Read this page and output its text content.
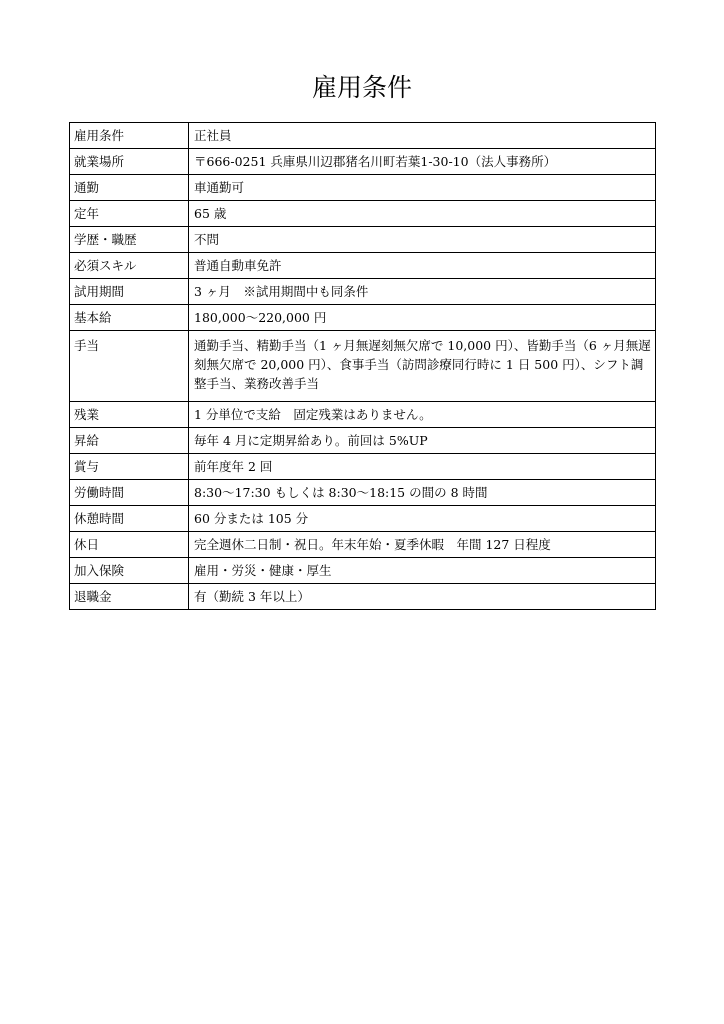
雇用条件
雇用条件	正社員
就業場所	〒666-0251 兵庫県川辺郡猪名川町若葉1-30-10（法人事務所）
通勤	車通勤可
定年	65 歳
学歴・職歴	不問
必須スキル	普通自動車免許
試用期間	3 ヶ月　※試用期間中も同条件
基本給	180,000～220,000 円
手当	通勤手当、精勤手当（1 ヶ月無遅刻無欠席で 10,000 円）、皆勤手当（6 ヶ月無遅刻無欠席で 20,000 円）、食事手当（訪問診療同行時に 1 日 500 円）、シフト調整手当、業務改善手当
残業	1 分単位で支給　固定残業はありません。
昇給	毎年 4 月に定期昇給あり。前回は 5%UP
賞与	前年度年 2 回
労働時間	8:30～17:30 もしくは 8:30～18:15 の間の 8 時間
休憩時間	60 分または 105 分
休日	完全週休二日制・祝日。年末年始・夏季休暇　年間 127 日程度
加入保険	雇用・労災・健康・厚生
退職金	有（勤続 3 年以上）
